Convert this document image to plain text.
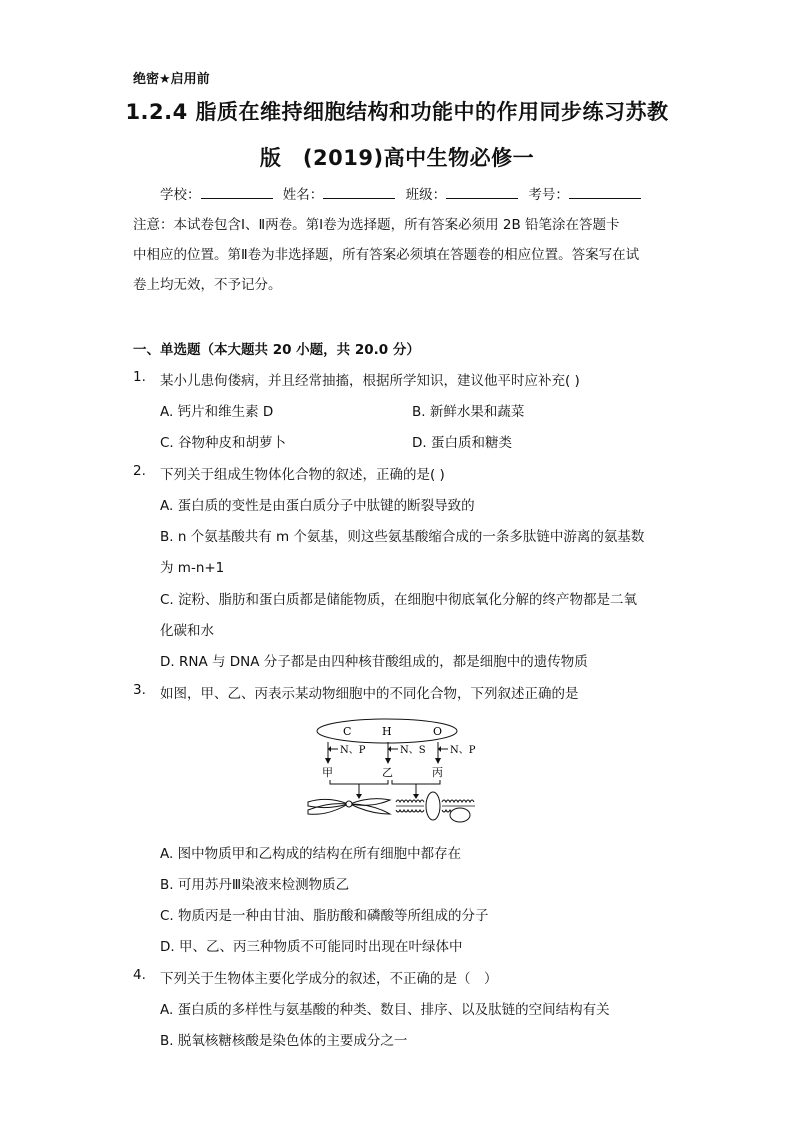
绝密★启用前
1.2.4 脂质在维持细胞结构和功能中的作用同步练习苏教
版　(2019)高中生物必修一
学校：	姓名：	班级：	考号：
注意：本试卷包含Ⅰ、Ⅱ两卷。第Ⅰ卷为选择题，所有答案必须用 2B 铅笔涂在答题卡
中相应的位置。第Ⅱ卷为非选择题，所有答案必须填在答题卷的相应位置。答案写在试
卷上均无效，不予记分。
一、单选题（本大题共 20 小题，共 20.0 分）
1. 某小儿患佝偻病，并且经常抽搐，根据所学知识，建议他平时应补充( )
A. 钙片和维生素 D	B. 新鲜水果和蔬菜
C. 谷物种皮和胡萝卜	D. 蛋白质和糖类
2. 下列关于组成生物体化合物的叙述，正确的是( )
A. 蛋白质的变性是由蛋白质分子中肽键的断裂导致的
B. n 个氨基酸共有 m 个氨基，则这些氨基酸缩合成的一条多肽链中游离的氨基数
为 m-n+1
C. 淀粉、脂肪和蛋白质都是储能物质，在细胞中彻底氧化分解的终产物都是二氧
化碳和水
D. RNA 与 DNA 分子都是由四种核苷酸组成的，都是细胞中的遗传物质
3. 如图，甲、乙、丙表示某动物细胞中的不同化合物，下列叙述正确的是
C	H	O
N、P	N、S N、P
甲	乙	丙
A. 图中物质甲和乙构成的结构在所有细胞中都存在
B. 可用苏丹Ⅲ染液来检测物质乙
C. 物质丙是一种由甘油、脂肪酸和磷酸等所组成的分子
D. 甲、乙、丙三种物质不可能同时出现在叶绿体中
4. 下列关于生物体主要化学成分的叙述，不正确的是（　）
A. 蛋白质的多样性与氨基酸的种类、数目、排序、以及肽链的空间结构有关
B. 脱氧核糖核酸是染色体的主要成分之一
